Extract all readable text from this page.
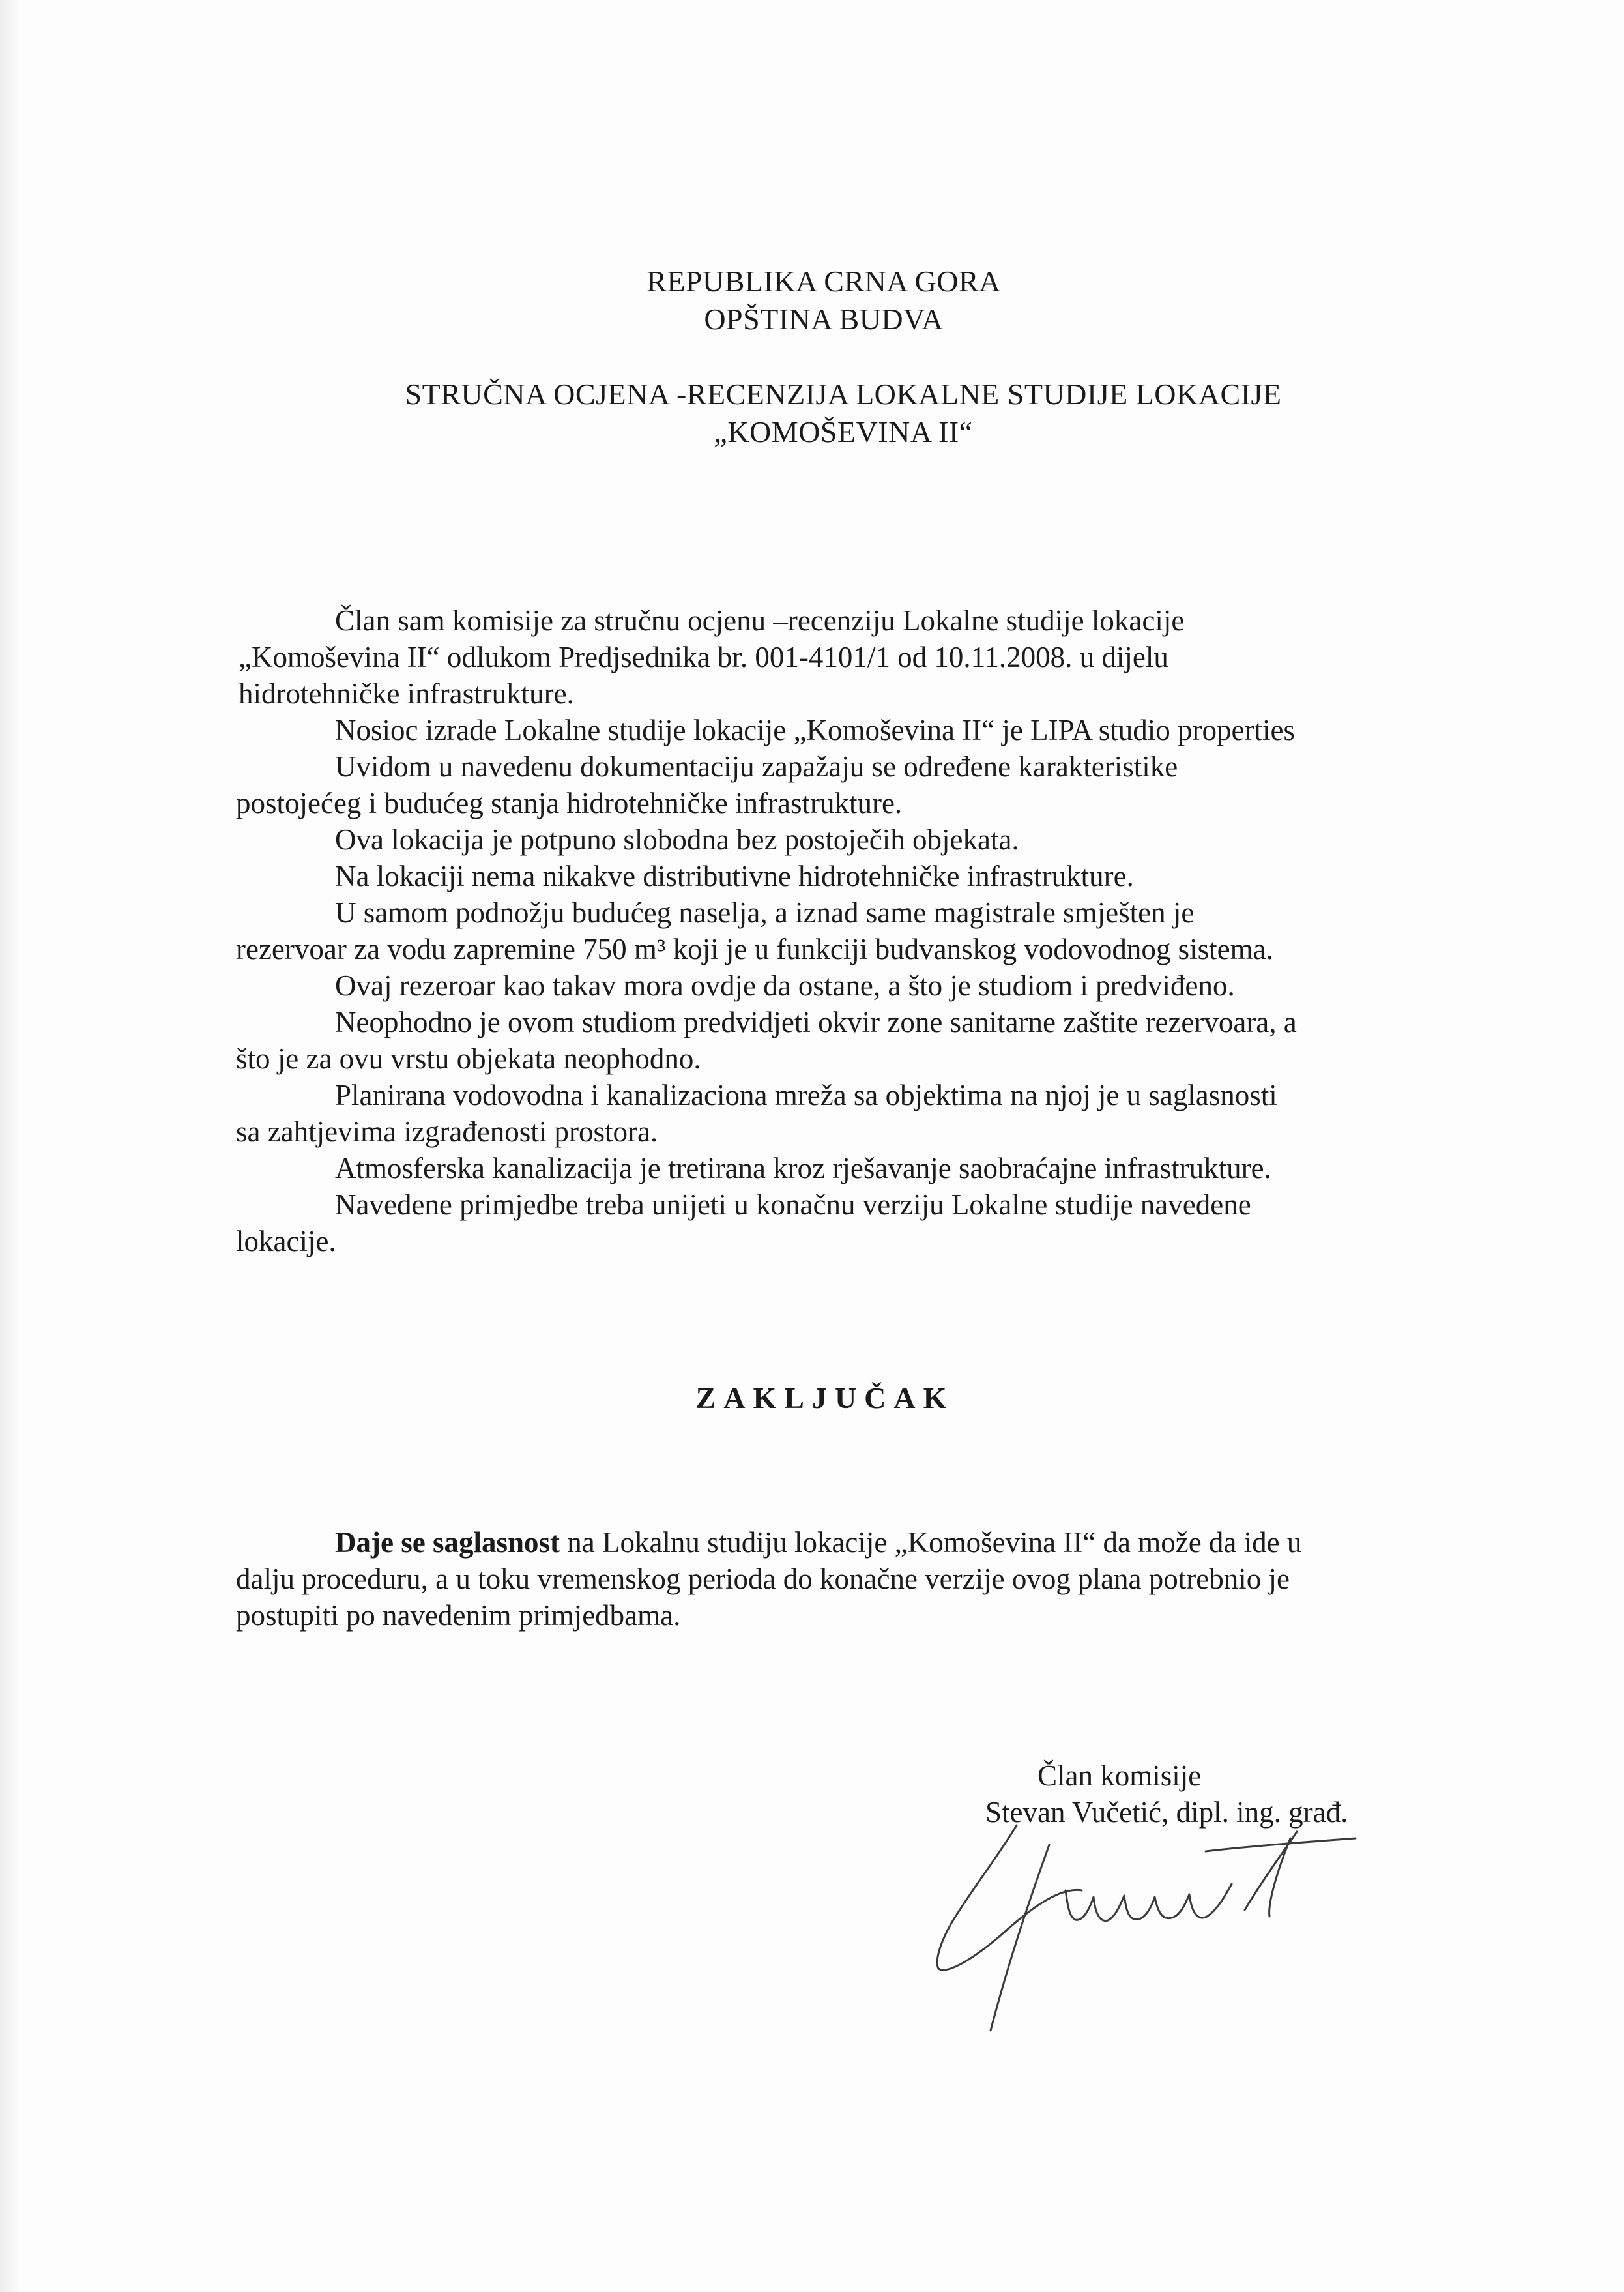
REPUBLIKA CRNA GORA
OPŠTINA BUDVA
STRUČNA OCJENA -RECENZIJA LOKALNE STUDIJE LOKACIJE
„KOMOŠEVINA II“
Član sam komisije za stručnu ocjenu –recenziju Lokalne studije lokacije
„Komoševina II“ odlukom Predjsednika br. 001-4101/1 od 10.11.2008. u dijelu
hidrotehničke infrastrukture.
Nosioc izrade Lokalne studije lokacije „Komoševina II“ je LIPA studio properties
Uvidom u navedenu dokumentaciju zapažaju se određene karakteristike
postojećeg i budućeg stanja hidrotehničke infrastrukture.
Ova lokacija je potpuno slobodna bez postoječih objekata.
Na lokaciji nema nikakve distributivne hidrotehničke infrastrukture.
U samom podnožju budućeg naselja, a iznad same magistrale smješten je
rezervoar za vodu zapremine 750 m³ koji je u funkciji budvanskog vodovodnog sistema.
Ovaj rezeroar kao takav mora ovdje da ostane, a što je studiom i predviđeno.
Neophodno je ovom studiom predvidjeti okvir zone sanitarne zaštite rezervoara, a
što je za ovu vrstu objekata neophodno.
Planirana vodovodna i kanalizaciona mreža sa objektima na njoj je u saglasnosti
sa zahtjevima izgrađenosti prostora.
Atmosferska kanalizacija je tretirana kroz rješavanje saobraćajne infrastrukture.
Navedene primjedbe treba unijeti u konačnu verziju Lokalne studije navedene
lokacije.
ZAKLJUČAK
Daje se saglasnost na Lokalnu studiju lokacije „Komoševina II“ da može da ide u
dalju proceduru, a u toku vremenskog perioda do konačne verzije ovog plana potrebnio je
postupiti po navedenim primjedbama.
Član komisije
Stevan Vučetić, dipl. ing. građ.
